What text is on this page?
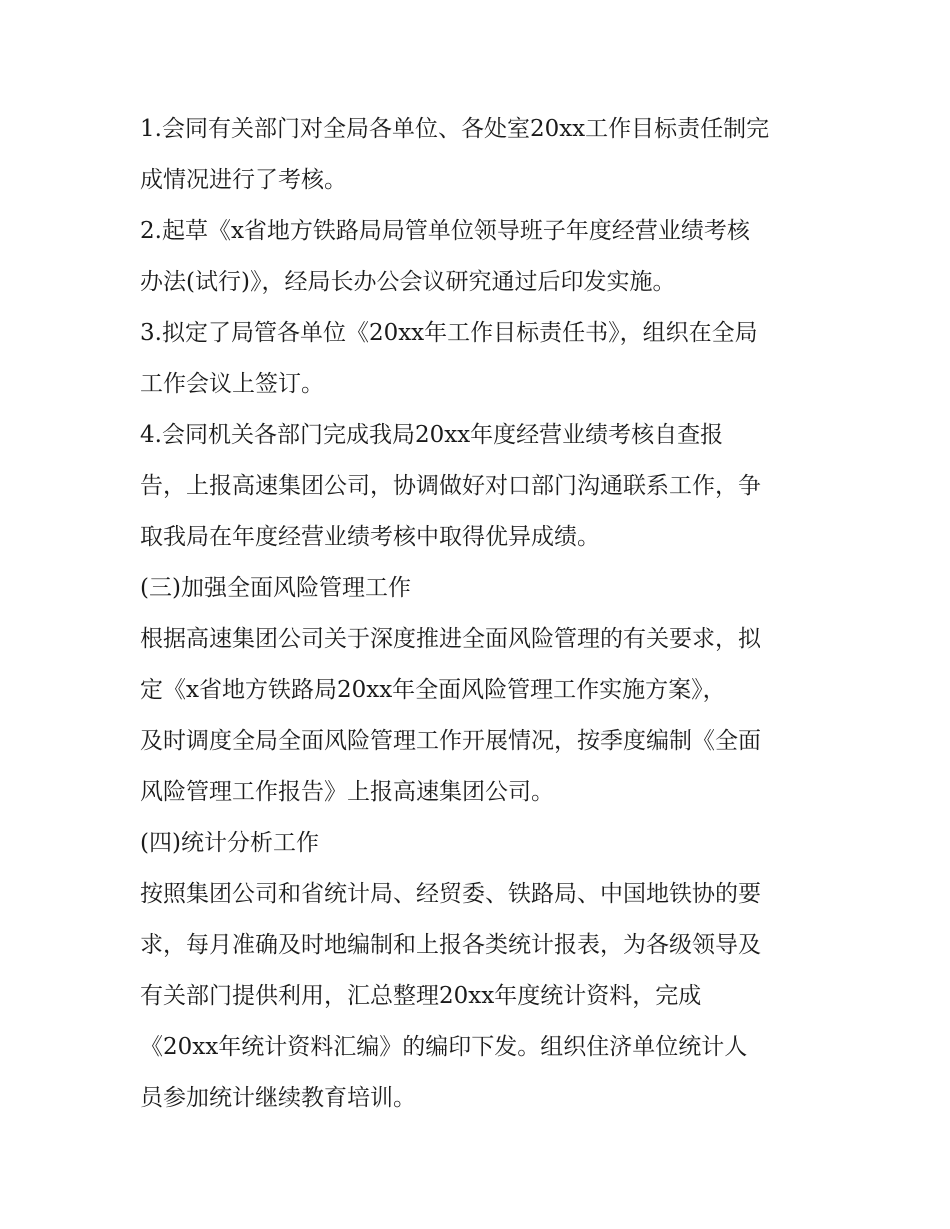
1.会同有关部门对全局各单位、各处室20xx工作目标责任制完
成情况进行了考核。
2.起草《x省地方铁路局局管单位领导班子年度经营业绩考核
办法(试行)》，经局长办公会议研究通过后印发实施。
3.拟定了局管各单位《20xx年工作目标责任书》，组织在全局
工作会议上签订。
4.会同机关各部门完成我局20xx年度经营业绩考核自查报
告，上报高速集团公司，协调做好对口部门沟通联系工作，争
取我局在年度经营业绩考核中取得优异成绩。
(三)加强全面风险管理工作
根据高速集团公司关于深度推进全面风险管理的有关要求，拟
定《x省地方铁路局20xx年全面风险管理工作实施方案》，
及时调度全局全面风险管理工作开展情况，按季度编制《全面
风险管理工作报告》上报高速集团公司。
(四)统计分析工作
按照集团公司和省统计局、经贸委、铁路局、中国地铁协的要
求，每月准确及时地编制和上报各类统计报表，为各级领导及
有关部门提供利用，汇总整理20xx年度统计资料，完成
《20xx年统计资料汇编》的编印下发。组织住济单位统计人
员参加统计继续教育培训。
